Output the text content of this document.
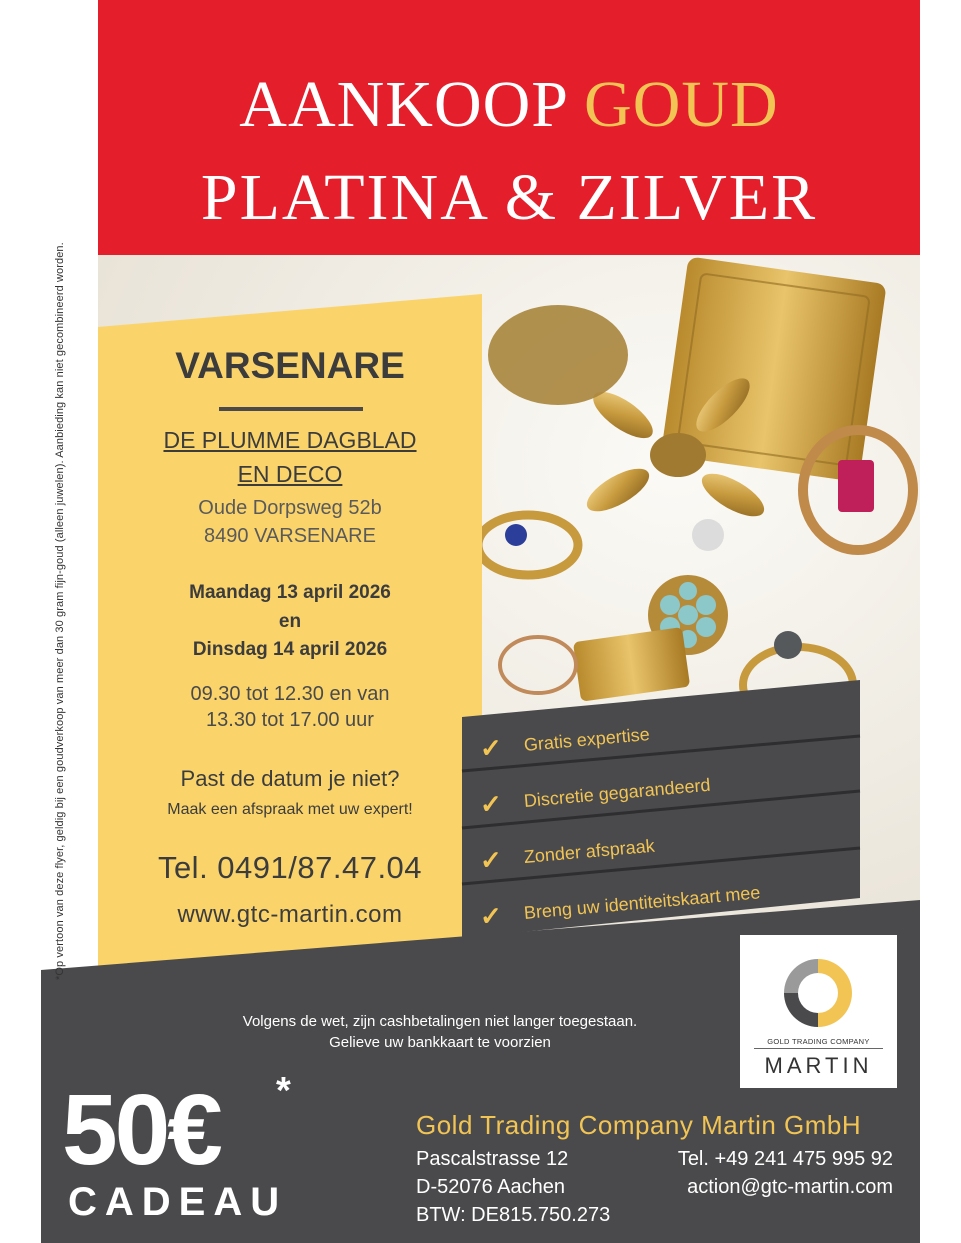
AANKOOP GOUD
PLATINA & ZILVER
VARSENARE
DE PLUMME DAGBLAD
EN DECO
Oude Dorpsweg 52b
8490 VARSENARE
Maandag 13 april 2026
en
Dinsdag 14 april 2026
09.30 tot 12.30 en van
13.30 tot 17.00 uur
Past de datum je niet?
Maak een afspraak met uw expert!
Tel. 0491/87.47.04
www.gtc-martin.com
✓ Gratis expertise
✓ Discretie gegarandeerd
✓ Zonder afspraak
✓ Breng uw identiteitskaart mee
GOLD TRADING COMPANY
MARTIN
Volgens de wet, zijn cashbetalingen niet langer toegestaan.
Gelieve uw bankkaart te voorzien
50€ *
CADEAU
Gold Trading Company Martin GmbH
Pascalstrasse 12
D-52076 Aachen
BTW: DE815.750.273
Tel. +49 241 475 995 92
action@gtc-martin.com
*Op vertoon van deze flyer, geldig bij een goudverkoop van meer dan 30 gram fijn-goud (alleen juwelen). Aanbieding kan niet gecombineerd worden.
